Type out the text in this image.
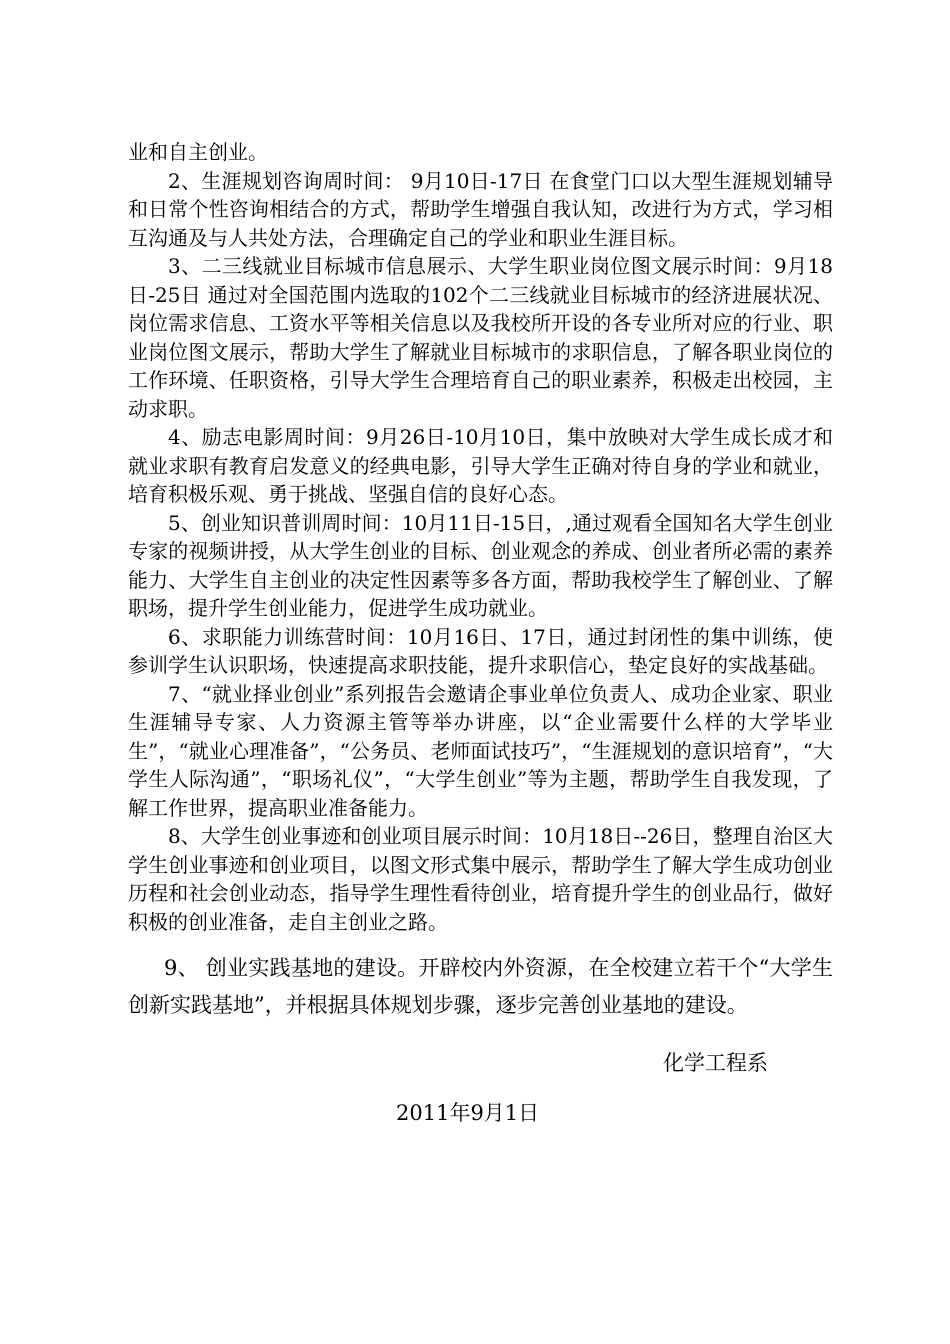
业和自主创业。

2、生涯规划咨询周时间： 9月10日-17日 在食堂门口以大型生涯规划辅导和日常个性咨询相结合的方式，帮助学生增强自我认知，改进行为方式，学习相互沟通及与人共处方法，合理确定自己的学业和职业生涯目标。

3、二三线就业目标城市信息展示、大学生职业岗位图文展示时间：9月18日-25日 通过对全国范围内选取的102个二三线就业目标城市的经济进展状况、岗位需求信息、工资水平等相关信息以及我校所开设的各专业所对应的行业、职业岗位图文展示，帮助大学生了解就业目标城市的求职信息，了解各职业岗位的工作环境、任职资格，引导大学生合理培育自己的职业素养，积极走出校园，主动求职。

4、励志电影周时间：9月26日-10月10日，集中放映对大学生成长成才和就业求职有教育启发意义的经典电影，引导大学生正确对待自身的学业和就业，培育积极乐观、勇于挑战、坚强自信的良好心态。

5、创业知识普训周时间：10月11日-15日，,通过观看全国知名大学生创业专家的视频讲授，从大学生创业的目标、创业观念的养成、创业者所必需的素养能力、大学生自主创业的决定性因素等多各方面，帮助我校学生了解创业、了解职场，提升学生创业能力，促进学生成功就业。

6、求职能力训练营时间：10月16日、17日，通过封闭性的集中训练，使参训学生认识职场，快速提高求职技能，提升求职信心，垫定良好的实战基础。

7、“就业择业创业”系列报告会邀请企事业单位负责人、成功企业家、职业生涯辅导专家、人力资源主管等举办讲座，以“企业需要什么样的大学毕业生”，“就业心理准备”，“公务员、老师面试技巧”，“生涯规划的意识培育”，“大学生人际沟通”，“职场礼仪”，“大学生创业”等为主题，帮助学生自我发现，了解工作世界，提高职业准备能力。

8、大学生创业事迹和创业项目展示时间：10月18日--26日，整理自治区大学生创业事迹和创业项目，以图文形式集中展示，帮助学生了解大学生成功创业历程和社会创业动态，指导学生理性看待创业，培育提升学生的创业品行，做好积极的创业准备，走自主创业之路。

9、 创业实践基地的建设。开辟校内外资源，在全校建立若干个“大学生创新实践基地”，并根据具体规划步骤，逐步完善创业基地的建设。

化学工程系

2011年9月1日
